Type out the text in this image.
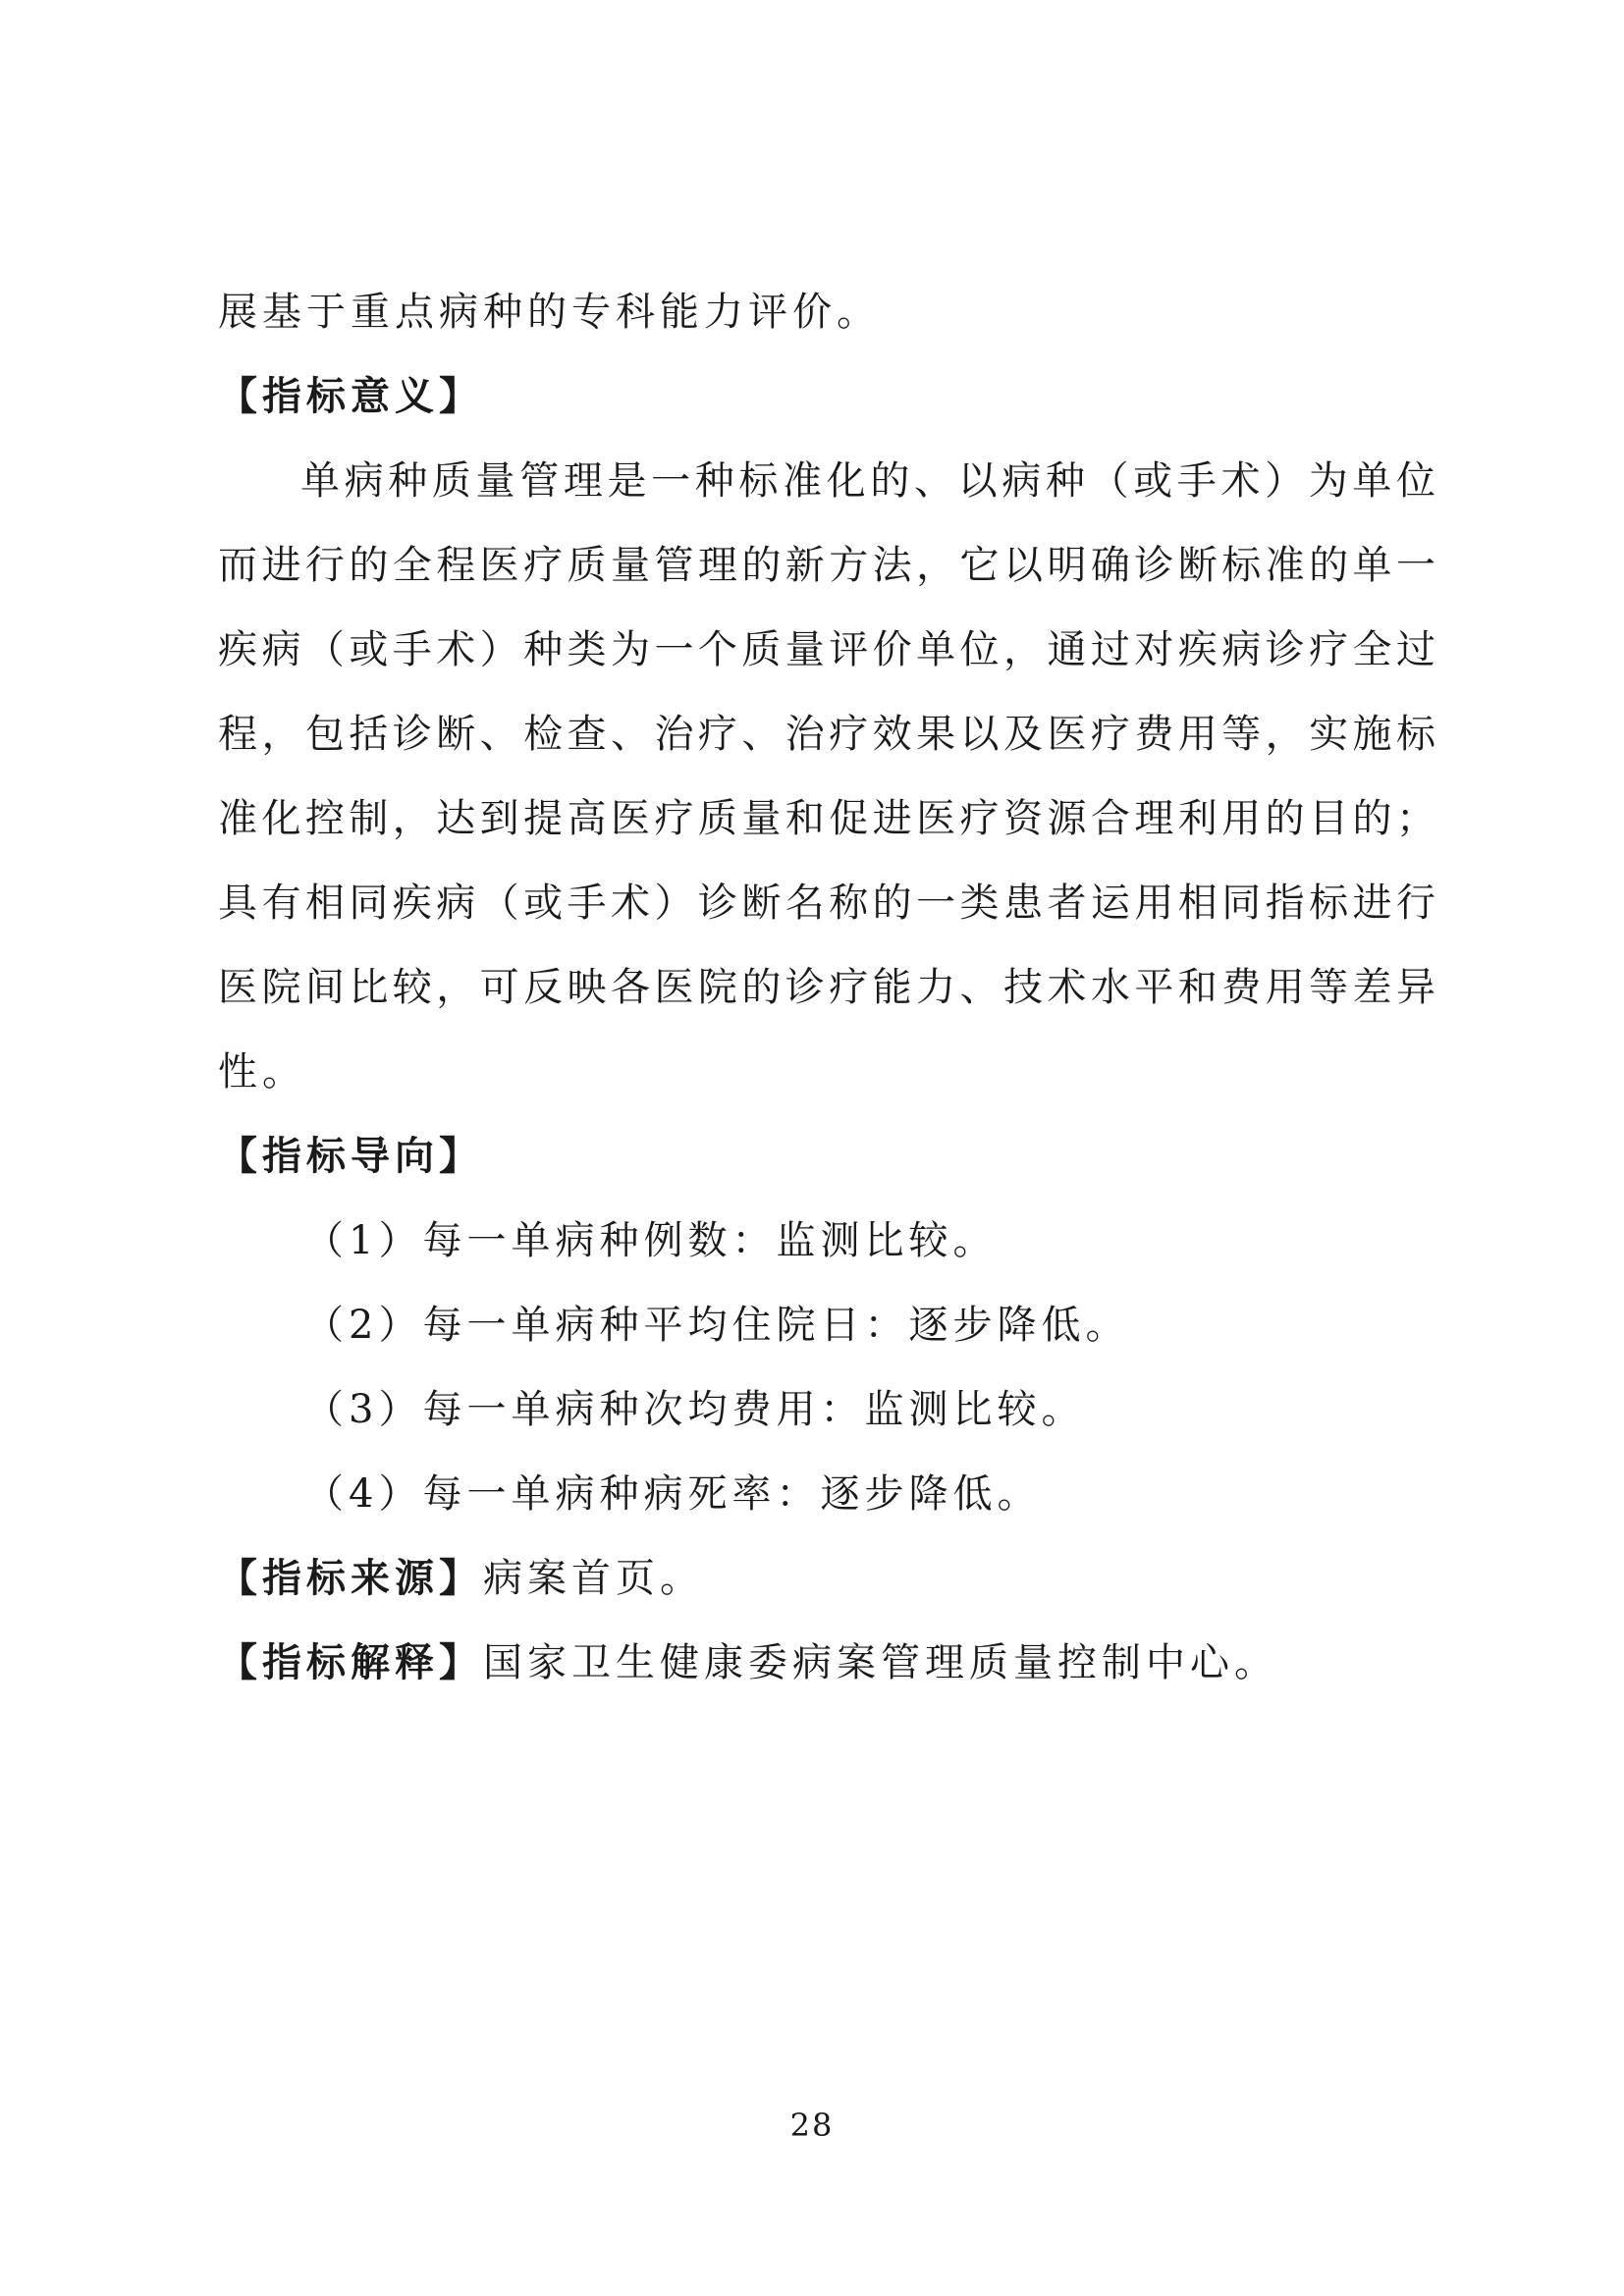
展基于重点病种的专科能力评价。
【指标意义】
单病种质量管理是一种标准化的、以病种（或手术）为单位
而进行的全程医疗质量管理的新方法，它以明确诊断标准的单一
疾病（或手术）种类为一个质量评价单位，通过对疾病诊疗全过
程，包括诊断、检查、治疗、治疗效果以及医疗费用等，实施标
准化控制，达到提高医疗质量和促进医疗资源合理利用的目的；
具有相同疾病（或手术）诊断名称的一类患者运用相同指标进行
医院间比较，可反映各医院的诊疗能力、技术水平和费用等差异
性。
【指标导向】
（1）每一单病种例数：监测比较。
（2）每一单病种平均住院日：逐步降低。
（3）每一单病种次均费用：监测比较。
（4）每一单病种病死率：逐步降低。
【指标来源】病案首页。
【指标解释】国家卫生健康委病案管理质量控制中心。
28
